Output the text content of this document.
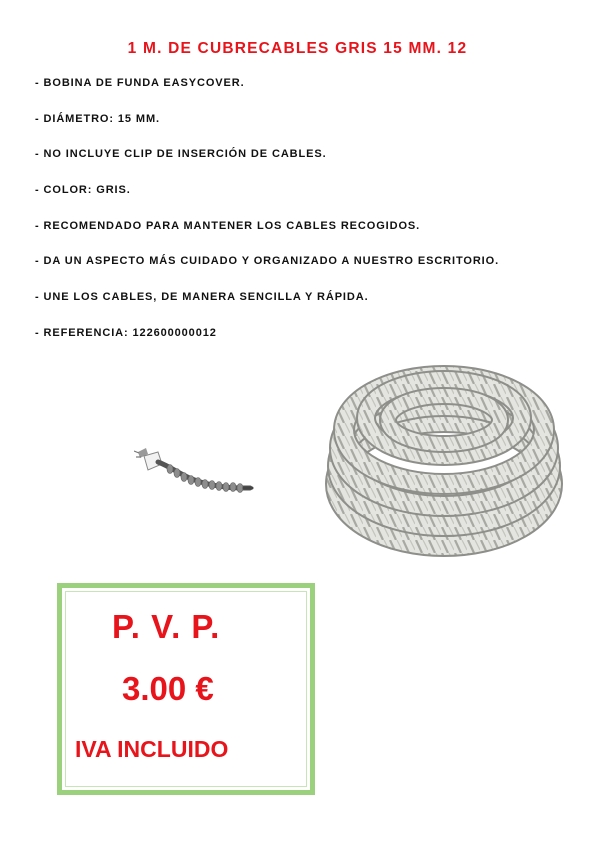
1 M. DE CUBRECABLES GRIS 15 MM. 12
- BOBINA DE FUNDA EASYCOVER.
- DIÁMETRO: 15 MM.
- NO INCLUYE CLIP DE INSERCIÓN DE CABLES.
- COLOR: GRIS.
- RECOMENDADO PARA MANTENER LOS CABLES RECOGIDOS.
- DA UN ASPECTO MÁS CUIDADO Y ORGANIZADO A NUESTRO ESCRITORIO.
- UNE LOS CABLES, DE MANERA SENCILLA Y RÁPIDA.
- REFERENCIA: 122600000012
P. V. P.
3.00 €
IVA INCLUIDO
